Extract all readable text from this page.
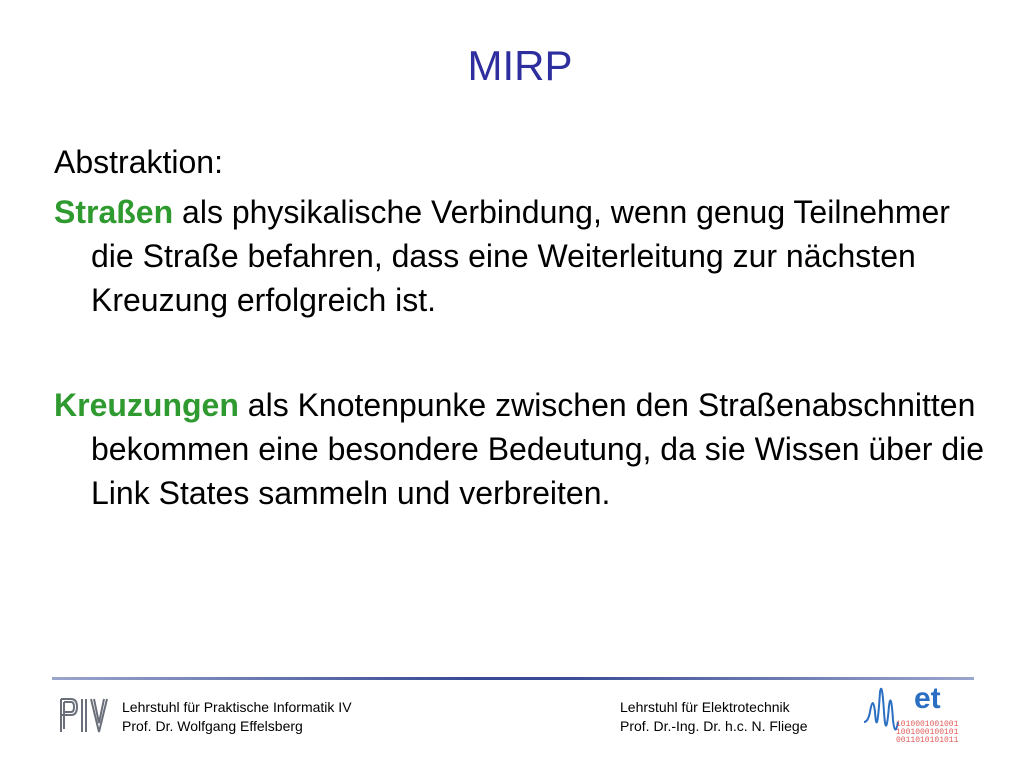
MIRP
Abstraktion:

Straßen als physikalische Verbindung, wenn genug Teilnehmer die Straße befahren, dass eine Weiterleitung zur nächsten Kreuzung erfolgreich ist.

Kreuzungen als Knotenpunke zwischen den Straßenabschnitten bekommen eine besondere Bedeutung, da sie Wissen über die Link States sammeln und verbreiten.

PI4
Lehrstuhl für Praktische Informatik IV
Prof. Dr. Wolfgang Effelsberg
Lehrstuhl für Elektrotechnik
Prof. Dr.-Ing. Dr. h.c. N. Fliege
et
1010001001001
1001000100101
0011010101011
